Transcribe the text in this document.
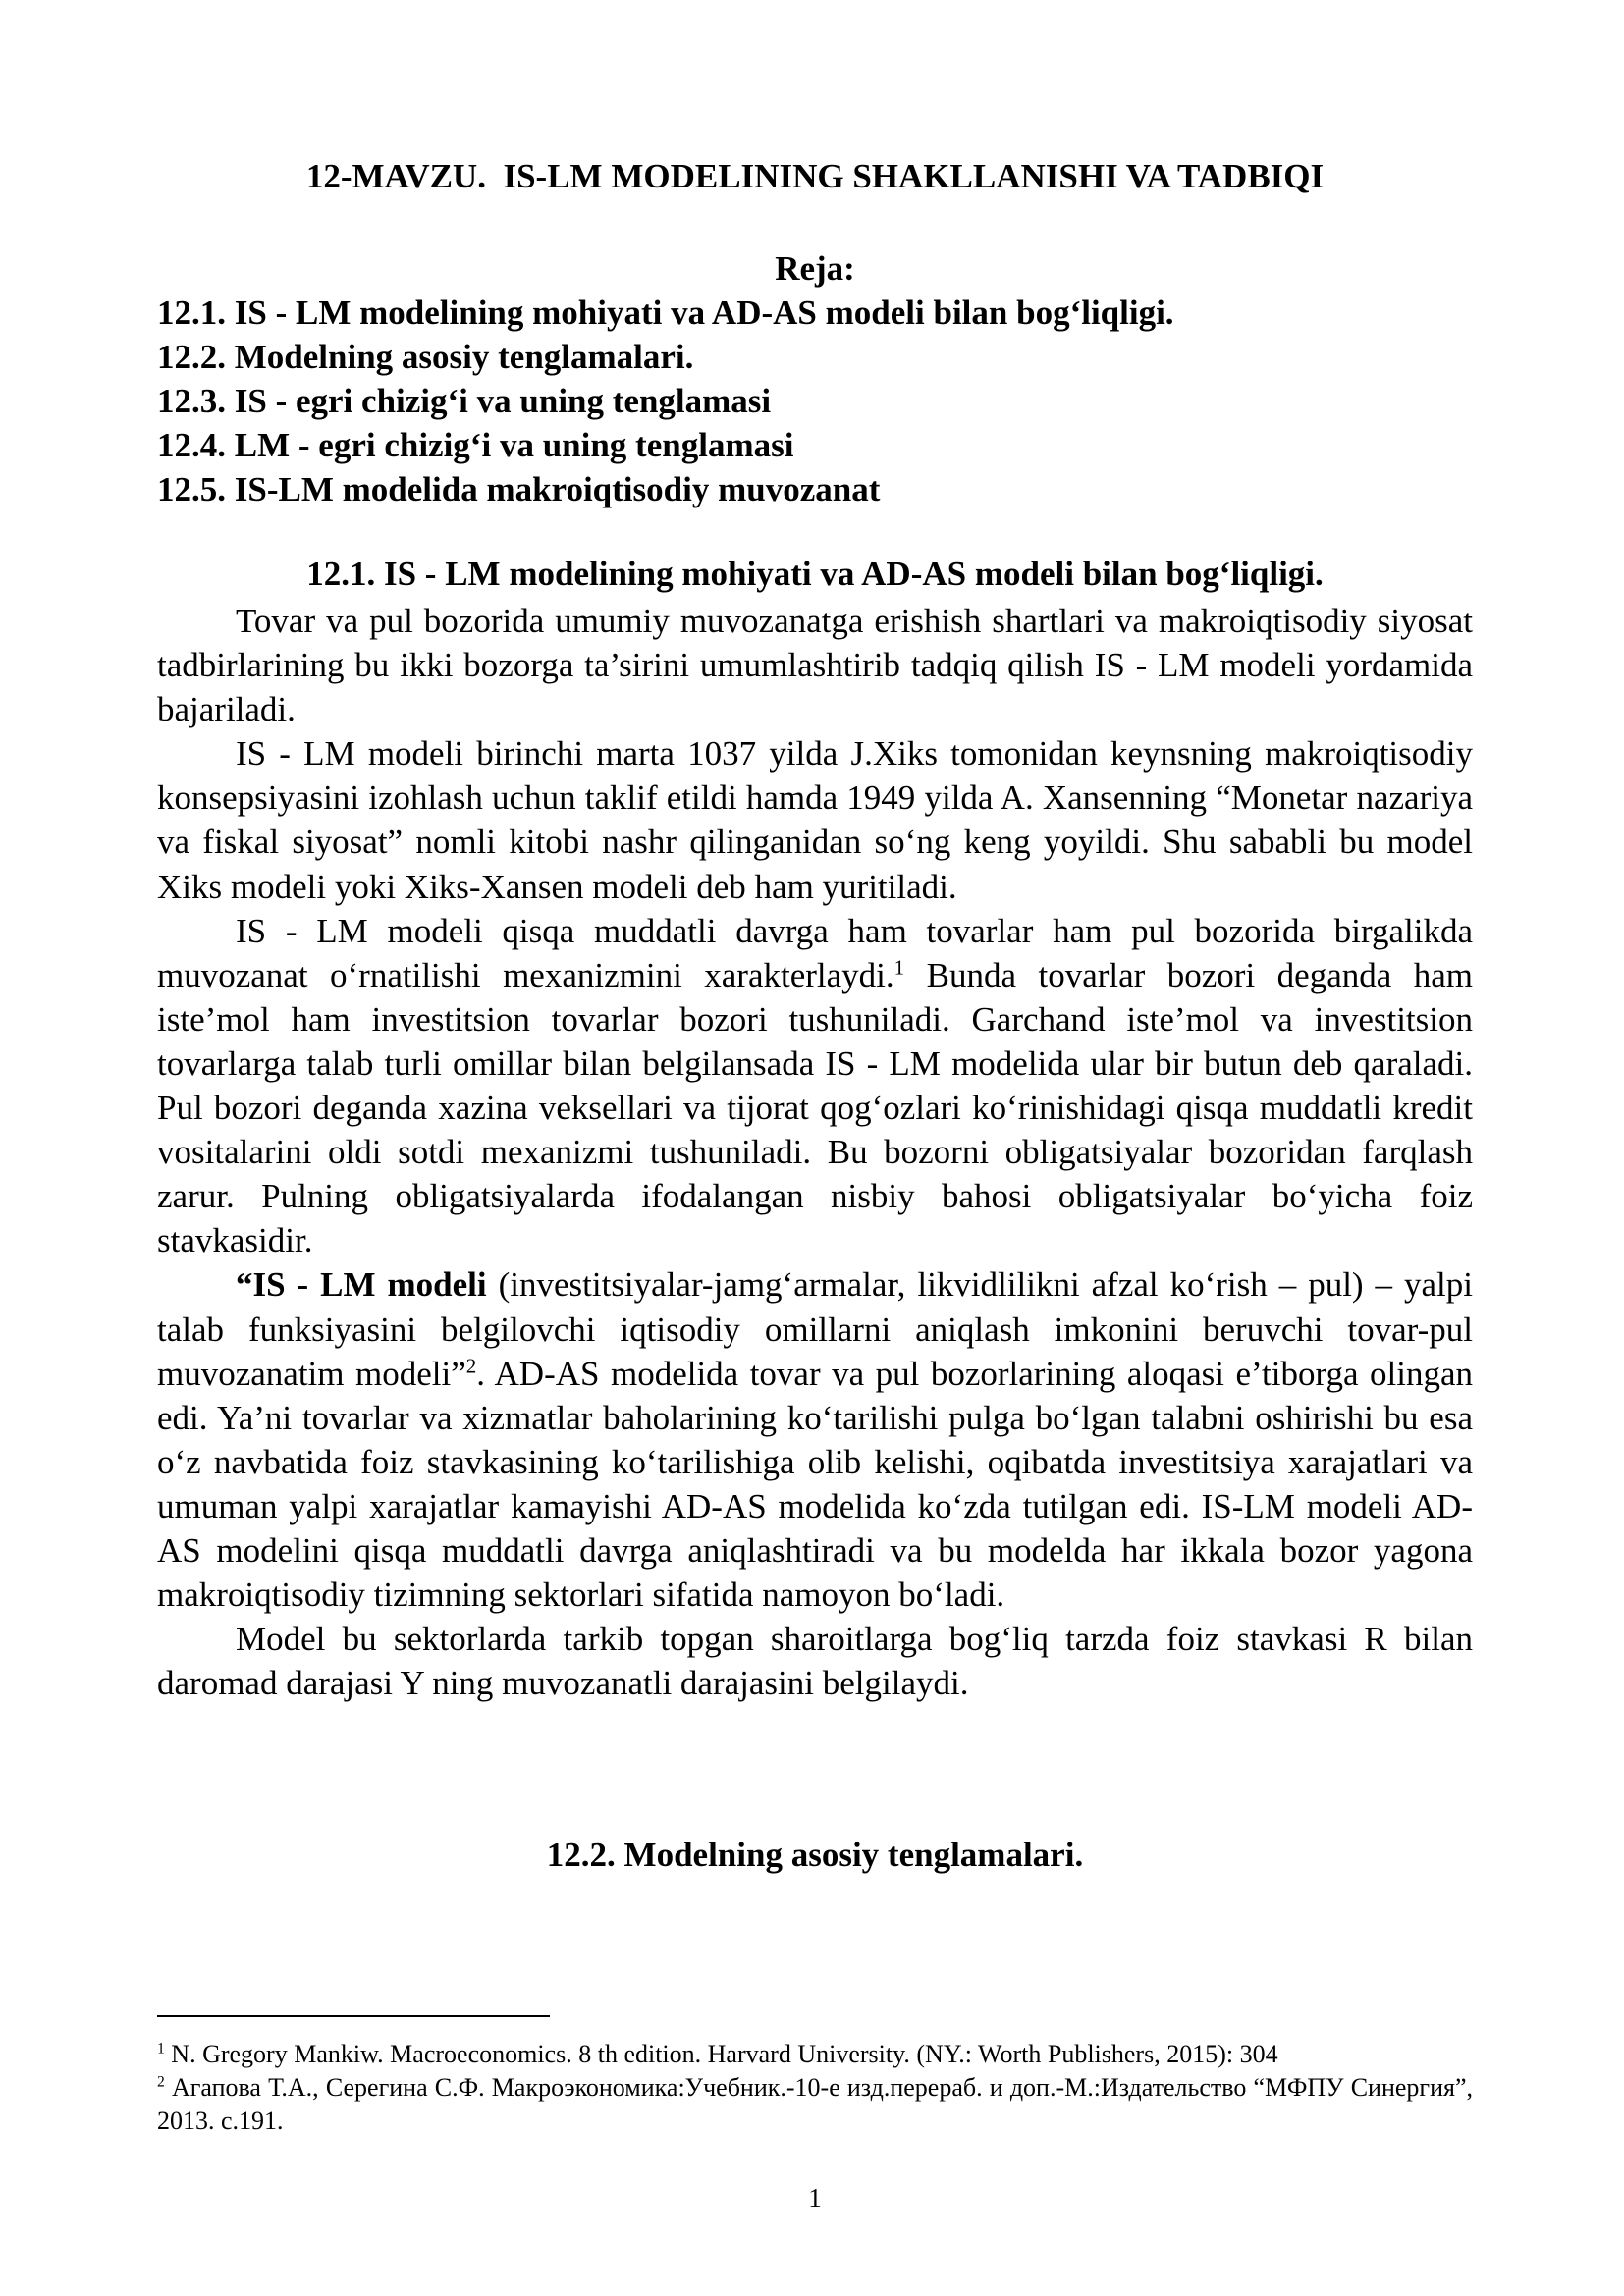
12-MAVZU.  IS-LM MODELINING SHAKLLANISHI VA TADBIQI
Reja:
12.1. IS - LM modelining mohiyati va AD-AS modeli bilan bog‘liqligi.
12.2. Modelning asosiy tenglamalari.
12.3. IS - egri chizig‘i va uning tenglamasi
12.4. LM - egri chizig‘i va uning tenglamasi
12.5. IS-LM modelida makroiqtisodiy muvozanat
12.1. IS - LM modelining mohiyati va AD-AS modeli bilan bog‘liqligi.

Tovar va pul bozorida umumiy muvozanatga erishish shartlari va makroiqtisodiy siyosat tadbirlarining bu ikki bozorga ta’sirini umumlashtirib tadqiq qilish IS - LM modeli yordamida bajariladi.

IS - LM modeli birinchi marta 1037 yilda J.Xiks tomonidan keynsning makroiqtisodiy konsepsiyasini izohlash uchun taklif etildi hamda 1949 yilda A. Xansenning “Monetar nazariya va fiskal siyosat” nomli kitobi nashr qilinganidan so‘ng keng yoyildi. Shu sababli bu model Xiks modeli yoki Xiks-Xansen modeli deb ham yuritiladi.

IS - LM modeli qisqa muddatli davrga ham tovarlar ham pul bozorida birgalikda muvozanat o‘rnatilishi mexanizmini xarakterlaydi.$^1$ Bunda tovarlar bozori deganda ham iste’mol ham investitsion tovarlar bozori tushuniladi. Garchand iste’mol va investitsion tovarlarga talab turli omillar bilan belgilansada IS - LM modelida ular bir butun deb qaraladi. Pul bozori deganda xazina veksellari va tijorat qog‘ozlari ko‘rinishidagi qisqa muddatli kredit vositalarini oldi sotdi mexanizmi tushuniladi. Bu bozorni obligatsiyalar bozoridan farqlash zarur. Pulning obligatsiyalarda ifodalangan nisbiy bahosi obligatsiyalar bo‘yicha foiz stavkasidir.

“IS - LM modeli (investitsiyalar-jamg‘armalar, likvidlilikni afzal ko‘rish – pul) – yalpi talab funksiyasini belgilovchi iqtisodiy omillarni aniqlash imkonini beruvchi tovar-pul muvozanatim modeli”$^2$. AD-AS modelida tovar va pul bozorlarining aloqasi e’tiborga olingan edi. Ya’ni tovarlar va xizmatlar baholarining ko‘tarilishi pulga bo‘lgan talabni oshirishi bu esa o‘z navbatida foiz stavkasining ko‘tarilishiga olib kelishi, oqibatda investitsiya xarajatlari va umuman yalpi xarajatlar kamayishi AD-AS modelida ko‘zda tutilgan edi. IS-LM modeli AD-AS modelini qisqa muddatli davrga aniqlashtiradi va bu modelda har ikkala bozor yagona makroiqtisodiy tizimning sektorlari sifatida namoyon bo‘ladi.

Model bu sektorlarda tarkib topgan sharoitlarga bog‘liq tarzda foiz stavkasi R bilan daromad darajasi Y ning muvozanatli darajasini belgilaydi.

12.2. Modelning asosiy tenglamalari.

$^1$ N. Gregory Mankiw. Macroeconomics. 8 th edition. Harvard University. (NY.: Worth Publishers, 2015): 304

$^2$ Агапова Т.А., Серегина С.Ф. Макроэкономика:Учебник.-10-е изд.перераб. и доп.-М.:Издательство “МФПУ Синергия”, 2013. с.191.

1
